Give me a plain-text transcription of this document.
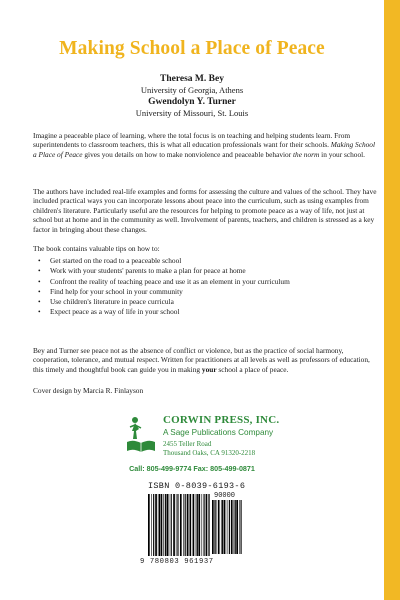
Making School a Place of Peace
Theresa M. Bey
University of Georgia, Athens
Gwendolyn Y. Turner
University of Missouri, St. Louis
Imagine a peaceable place of learning, where the total focus is on teaching and helping students learn. From superintendents to classroom teachers, this is what all education professionals want for their schools. Making School a Place of Peace gives you details on how to make nonviolence and peaceable behavior the norm in your school.
The authors have included real-life examples and forms for assessing the culture and values of the school. They have included practical ways you can incorporate lessons about peace into the curriculum, such as using examples from children's literature. Particularly useful are the resources for helping to promote peace as a way of life, not just at school but at home and in the community as well. Involvement of parents, teachers, and children is stressed as a key factor in bringing about these changes.
The book contains valuable tips on how to:
• Get started on the road to a peaceable school
• Work with your students' parents to make a plan for peace at home
• Confront the reality of teaching peace and use it as an element in your curriculum
• Find help for your school in your community
• Use children's literature in peace curricula
• Expect peace as a way of life in your school
Bey and Turner see peace not as the absence of conflict or violence, but as the practice of social harmony, cooperation, tolerance, and mutual respect. Written for practitioners at all levels as well as professors of education, this timely and thoughtful book can guide you in making your school a place of peace.
Cover design by Marcia R. Finlayson
CORWIN PRESS, INC.
A Sage Publications Company
2455 Teller Road
Thousand Oaks, CA 91320-2218
Call: 805-499-9774 Fax: 805-499-0871
ISBN 0-8039-6193-6
90000
9 780803 961937
